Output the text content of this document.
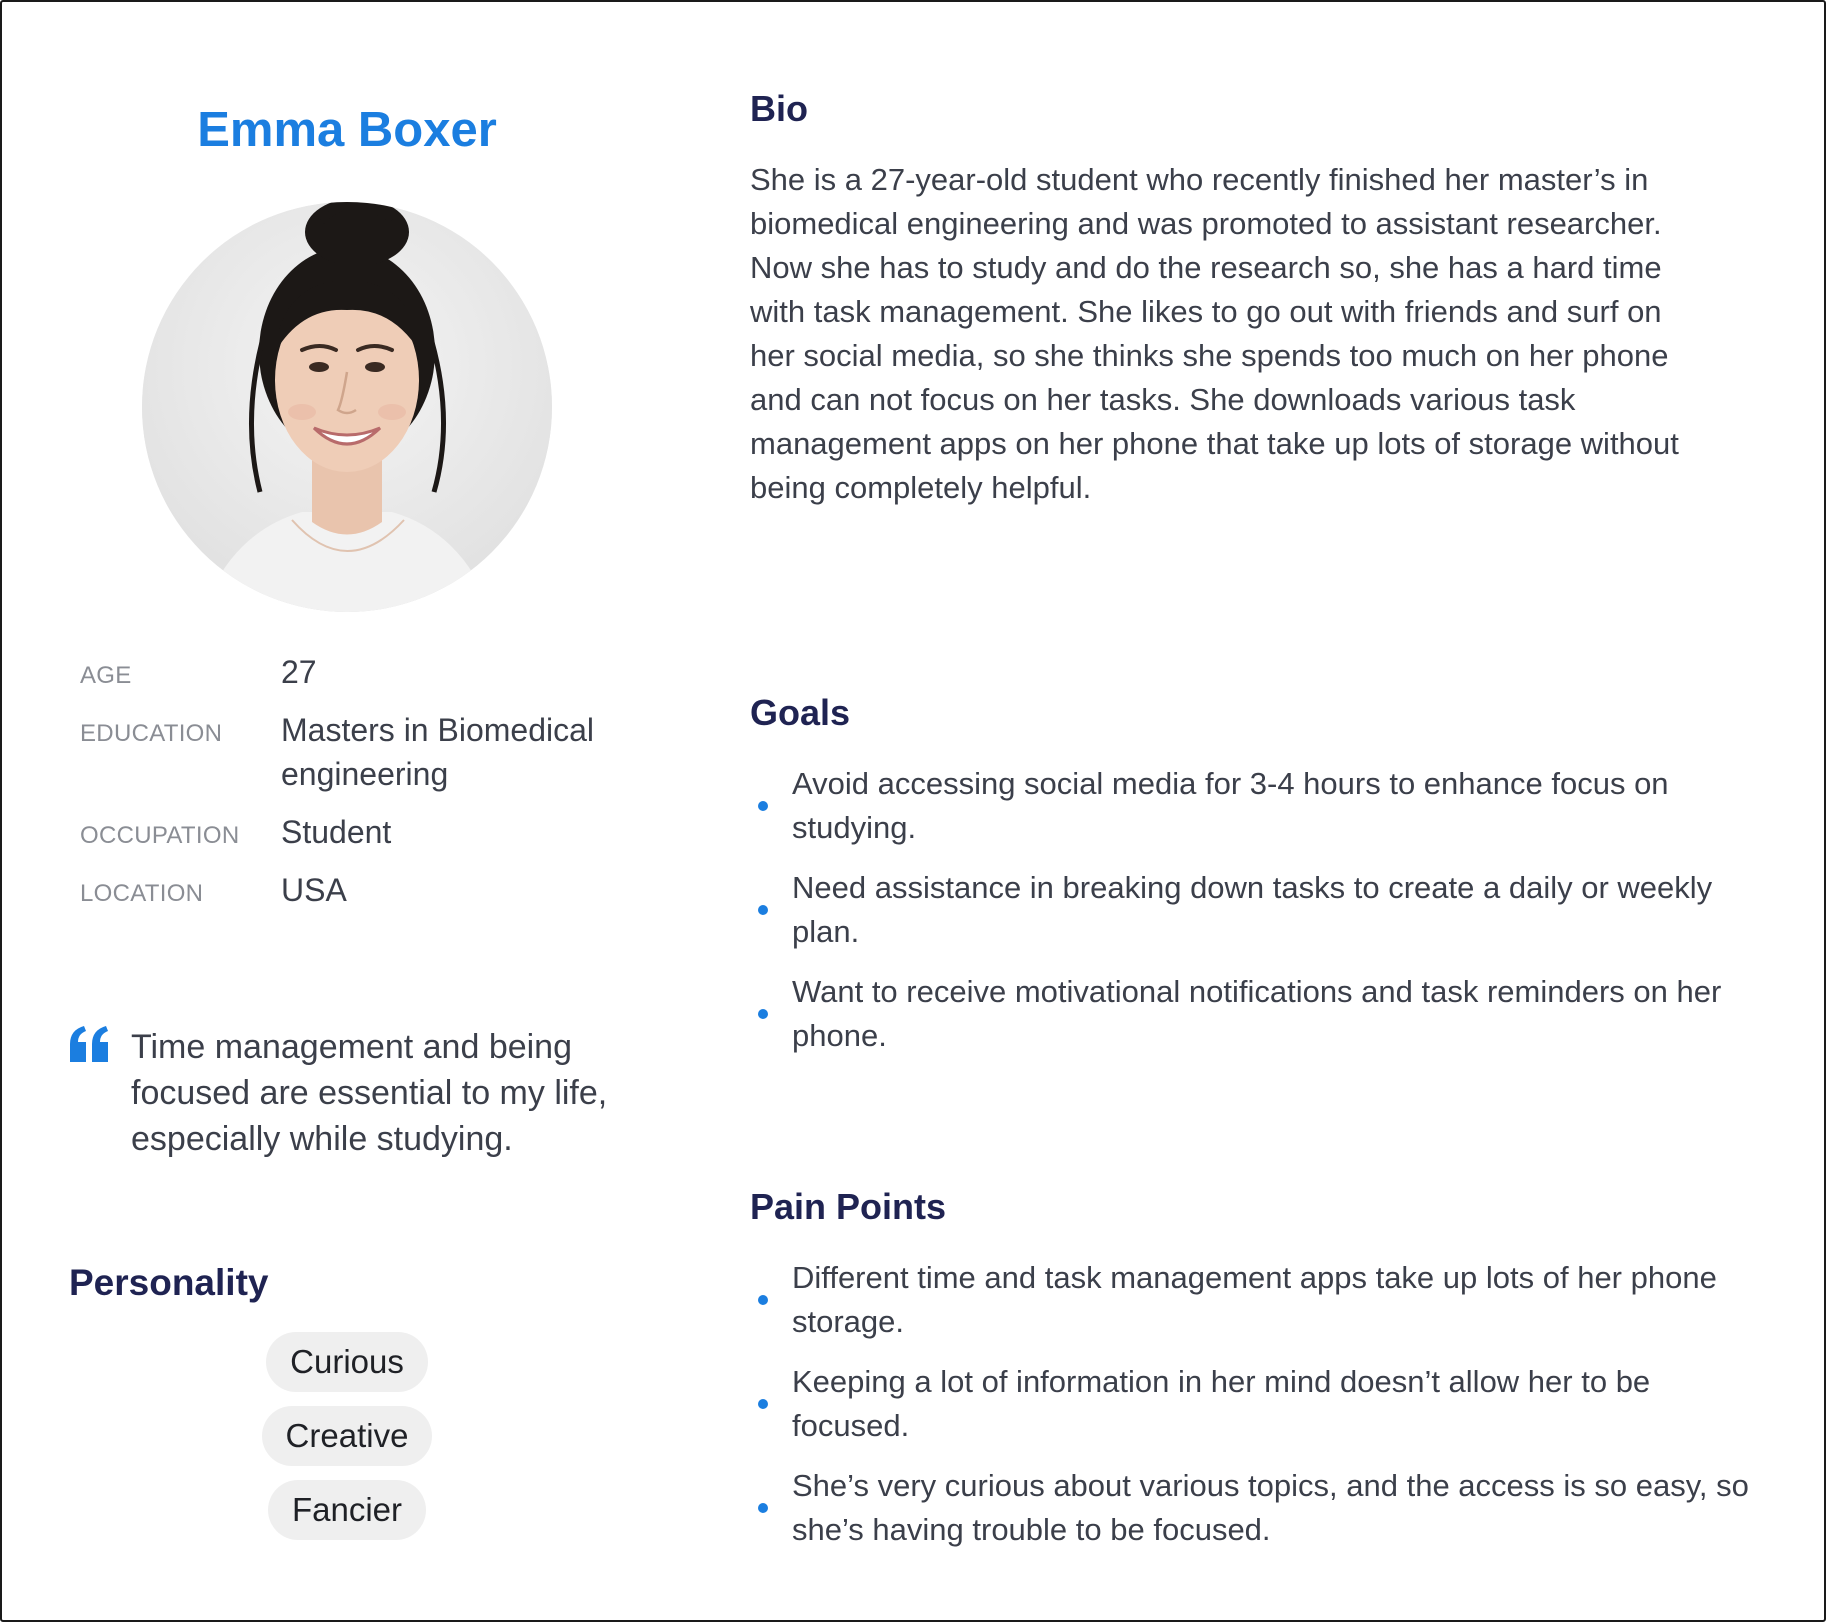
Emma Boxer
AGE	27
EDUCATION	Masters in Biomedical engineering
OCCUPATION	Student
LOCATION	USA
Time management and being focused are essential to my life, especially while studying.
Personality
Curious
Creative
Fancier
Bio

She is a 27-year-old student who recently finished her master’s in biomedical engineering and was promoted to assistant researcher. Now she has to study and do the research so, she has a hard time with task management. She likes to go out with friends and surf on her social media, so she thinks she spends too much on her phone and can not focus on her tasks. She downloads various task management apps on her phone that take up lots of storage without being completely helpful.

Goals
Avoid accessing social media for 3-4 hours to enhance focus on studying.
Need assistance in breaking down tasks to create a daily or weekly plan.
Want to receive motivational notifications and task reminders on her phone.
Pain Points
Different time and task management apps take up lots of her phone storage.
Keeping a lot of information in her mind doesn’t allow her to be focused.
She’s very curious about various topics, and the access is so easy, so she’s having trouble to be focused.
